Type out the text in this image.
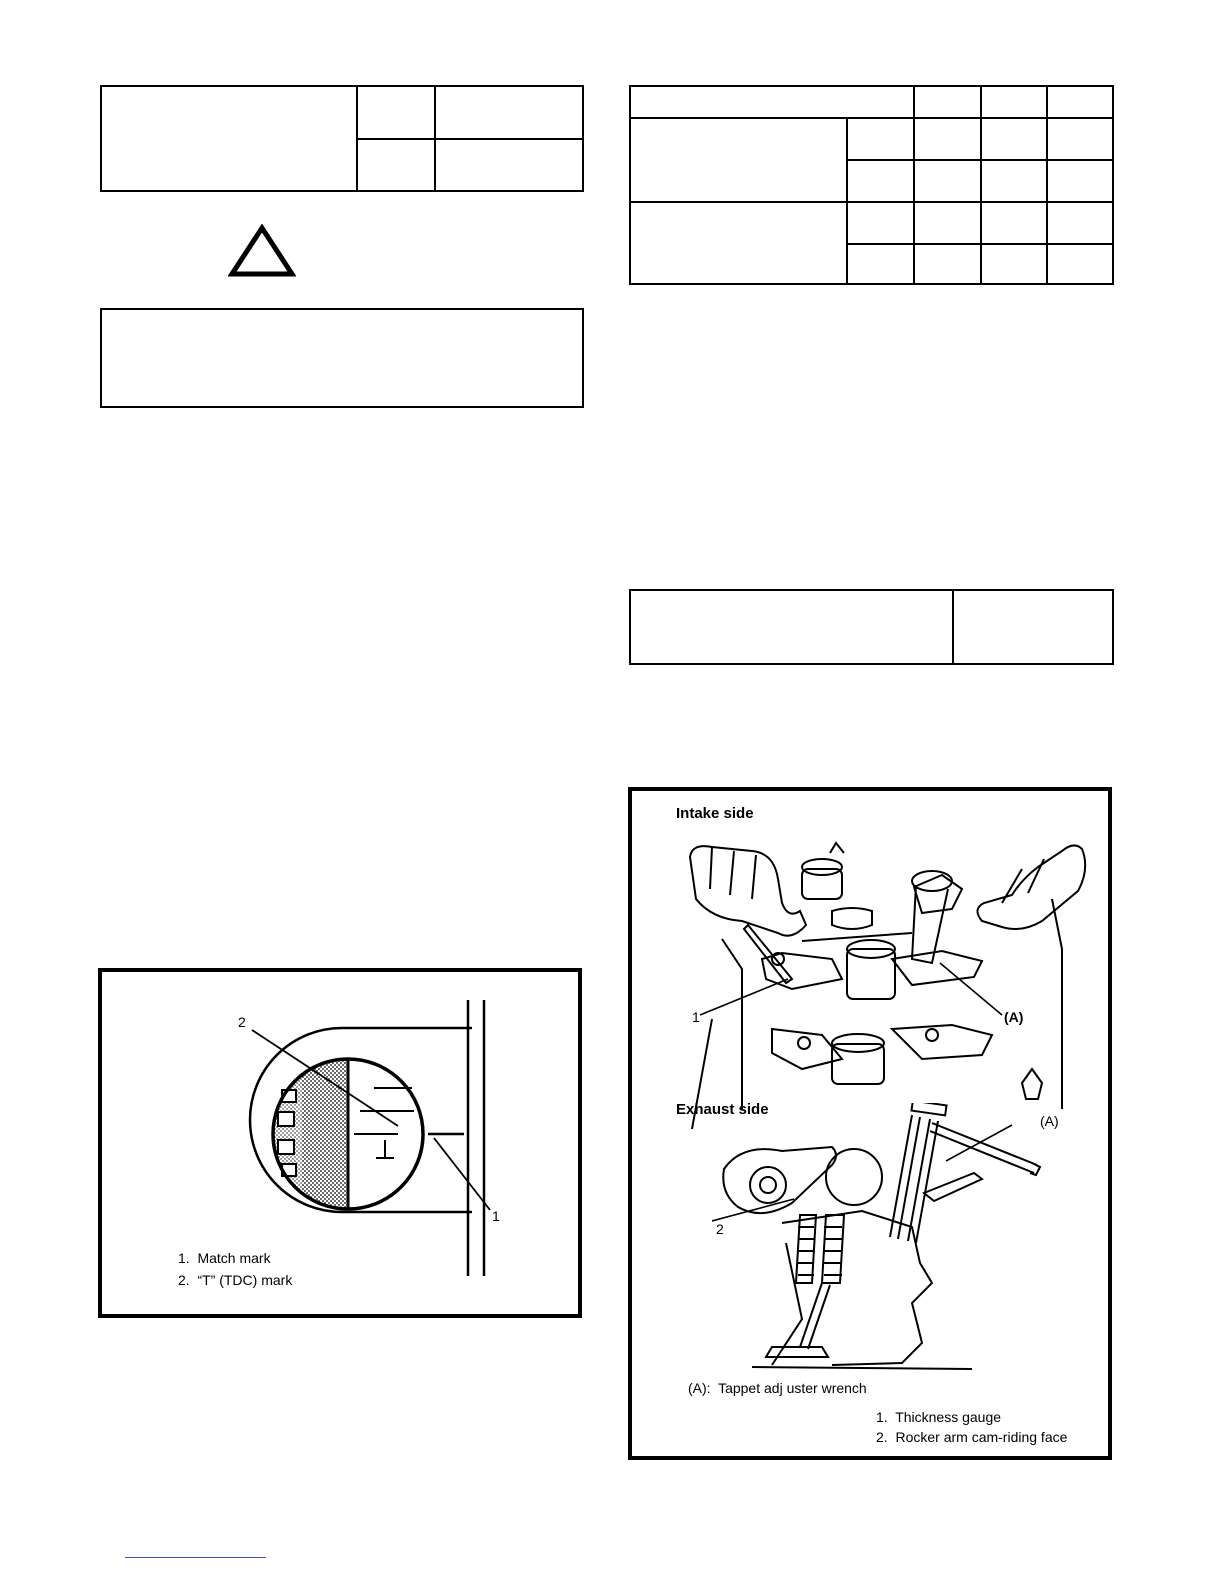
2
1
1.  Match mark
2.  “T” (TDC) mark
Intake side
1	(A)
Exhaust side
(A)
2
(A):  Tappet adj uster wrench
1.  Thickness gauge
2.  Rocker arm cam-riding face
